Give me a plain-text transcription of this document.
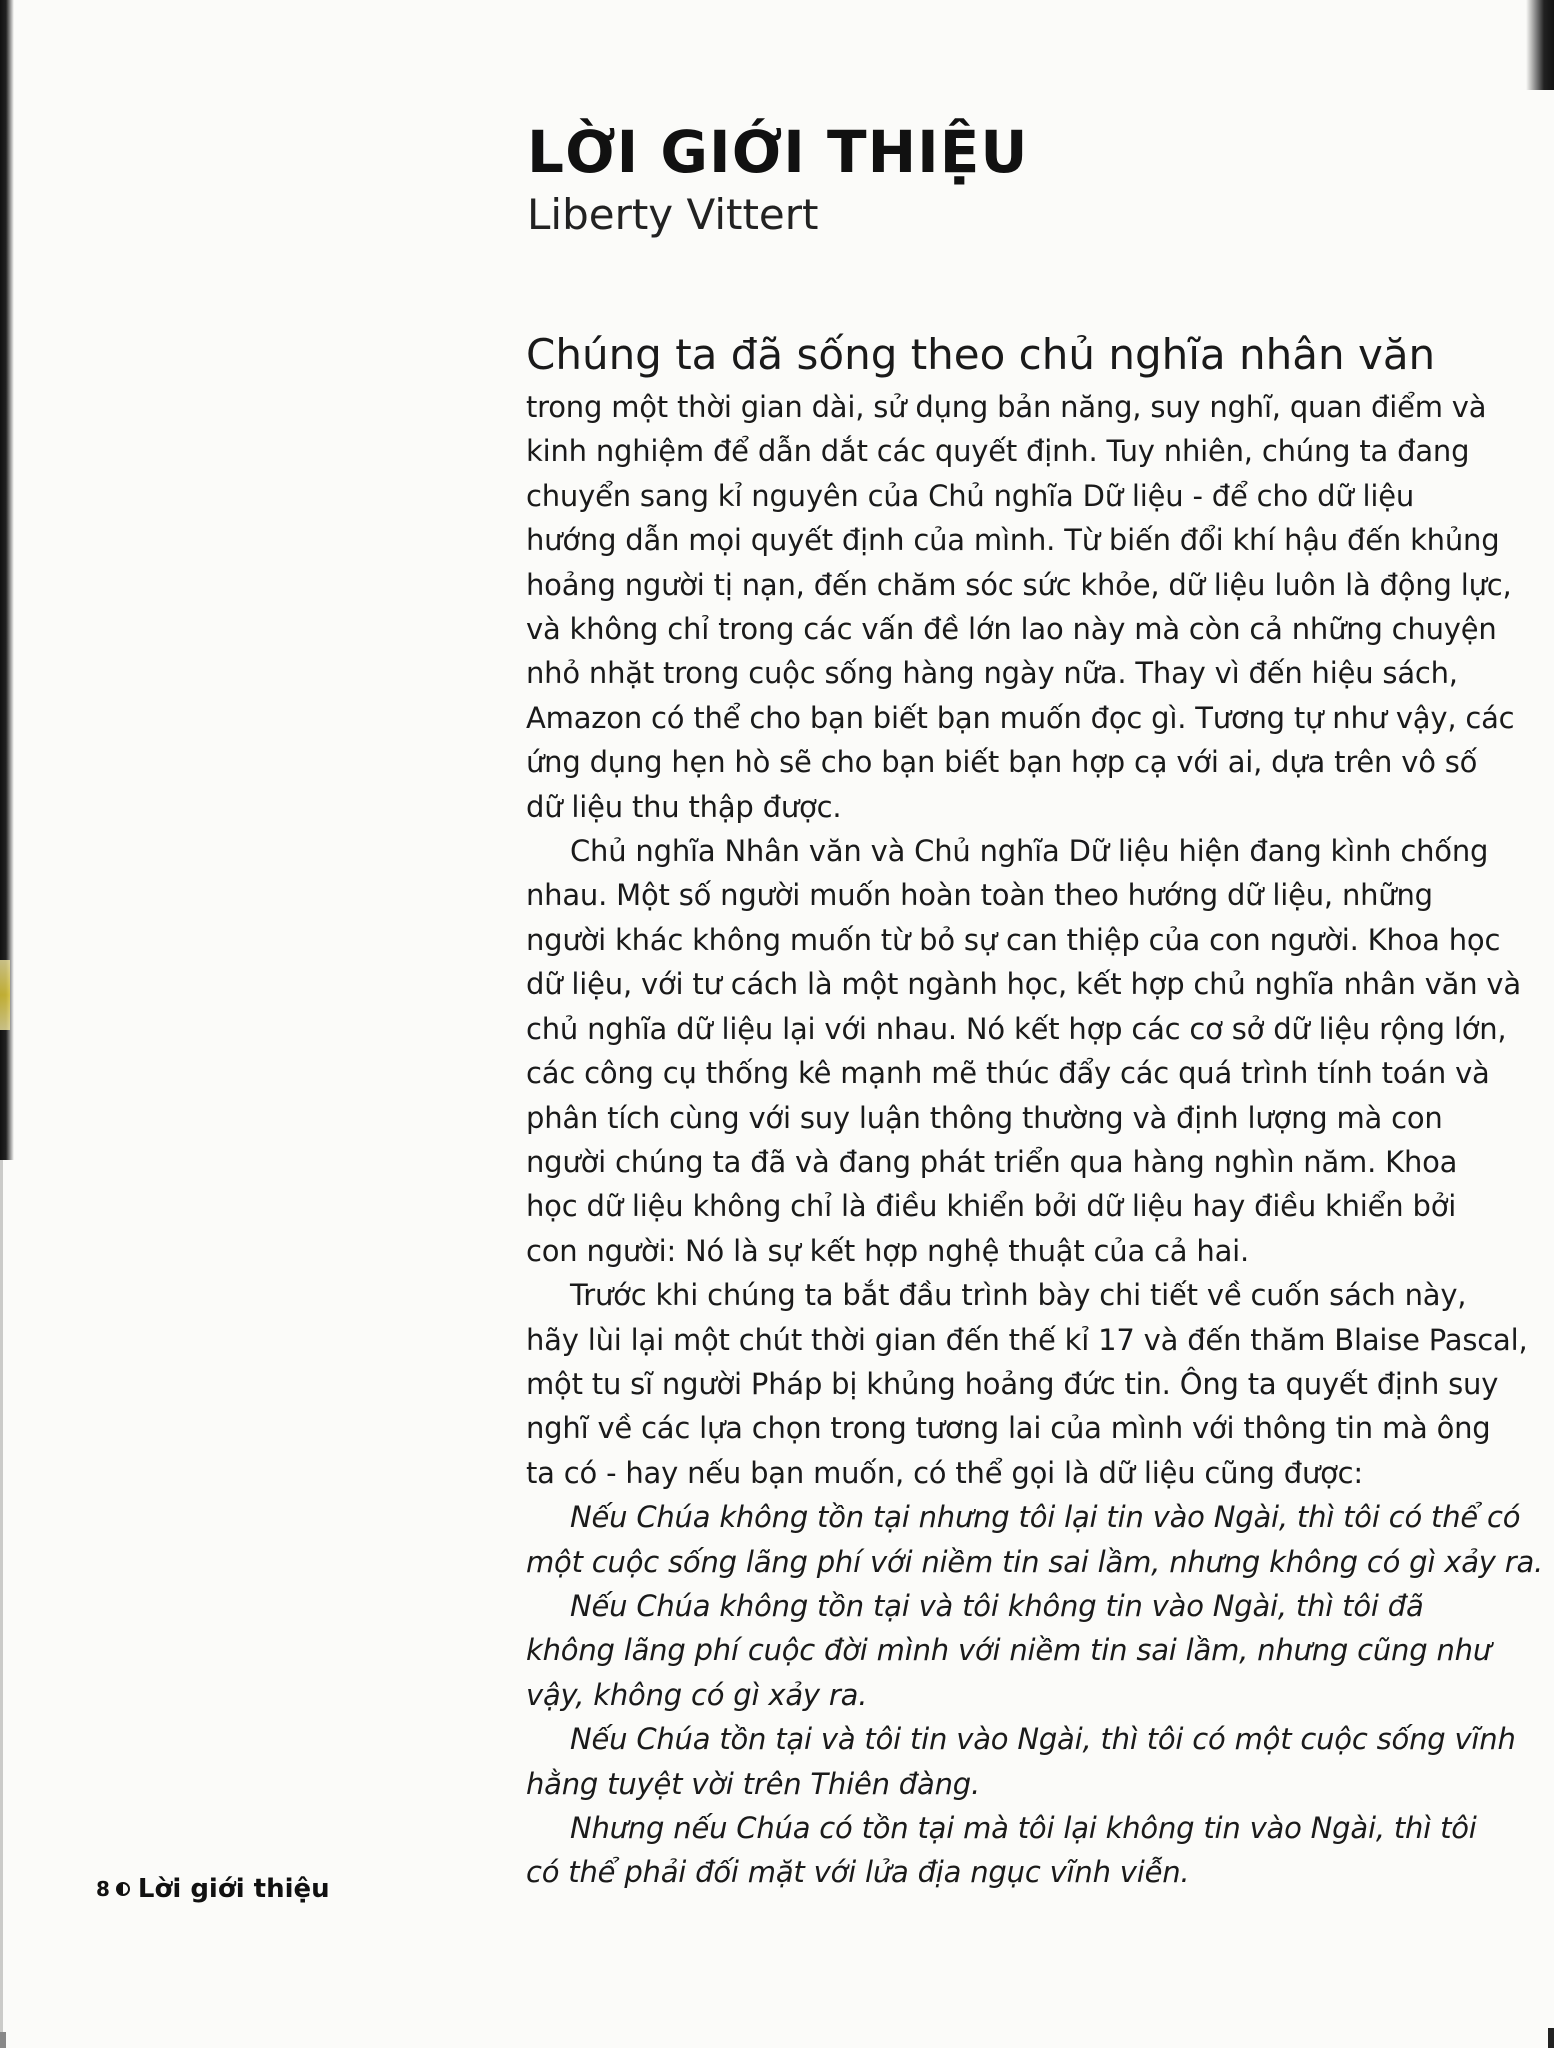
LỜI GIỚI THIỆU
Liberty Vittert
Chúng ta đã sống theo chủ nghĩa nhân văn
trong một thời gian dài, sử dụng bản năng, suy nghĩ, quan điểm và
kinh nghiệm để dẫn dắt các quyết định. Tuy nhiên, chúng ta đang
chuyển sang kỉ nguyên của Chủ nghĩa Dữ liệu - để cho dữ liệu
hướng dẫn mọi quyết định của mình. Từ biến đổi khí hậu đến khủng
hoảng người tị nạn, đến chăm sóc sức khỏe, dữ liệu luôn là động lực,
và không chỉ trong các vấn đề lớn lao này mà còn cả những chuyện
nhỏ nhặt trong cuộc sống hàng ngày nữa. Thay vì đến hiệu sách,
Amazon có thể cho bạn biết bạn muốn đọc gì. Tương tự như vậy, các
ứng dụng hẹn hò sẽ cho bạn biết bạn hợp cạ với ai, dựa trên vô số
dữ liệu thu thập được.
Chủ nghĩa Nhân văn và Chủ nghĩa Dữ liệu hiện đang kình chống
nhau. Một số người muốn hoàn toàn theo hướng dữ liệu, những
người khác không muốn từ bỏ sự can thiệp của con người. Khoa học
dữ liệu, với tư cách là một ngành học, kết hợp chủ nghĩa nhân văn và
chủ nghĩa dữ liệu lại với nhau. Nó kết hợp các cơ sở dữ liệu rộng lớn,
các công cụ thống kê mạnh mẽ thúc đẩy các quá trình tính toán và
phân tích cùng với suy luận thông thường và định lượng mà con
người chúng ta đã và đang phát triển qua hàng nghìn năm. Khoa
học dữ liệu không chỉ là điều khiển bởi dữ liệu hay điều khiển bởi
con người: Nó là sự kết hợp nghệ thuật của cả hai.
Trước khi chúng ta bắt đầu trình bày chi tiết về cuốn sách này,
hãy lùi lại một chút thời gian đến thế kỉ 17 và đến thăm Blaise Pascal,
một tu sĩ người Pháp bị khủng hoảng đức tin. Ông ta quyết định suy
nghĩ về các lựa chọn trong tương lai của mình với thông tin mà ông
ta có - hay nếu bạn muốn, có thể gọi là dữ liệu cũng được:
Nếu Chúa không tồn tại nhưng tôi lại tin vào Ngài, thì tôi có thể có
một cuộc sống lãng phí với niềm tin sai lầm, nhưng không có gì xảy ra.
Nếu Chúa không tồn tại và tôi không tin vào Ngài, thì tôi đã
không lãng phí cuộc đời mình với niềm tin sai lầm, nhưng cũng như
vậy, không có gì xảy ra.
Nếu Chúa tồn tại và tôi tin vào Ngài, thì tôi có một cuộc sống vĩnh
hằng tuyệt vời trên Thiên đàng.
Nhưng nếu Chúa có tồn tại mà tôi lại không tin vào Ngài, thì tôi
có thể phải đối mặt với lửa địa ngục vĩnh viễn.
8 Lời giới thiệu
